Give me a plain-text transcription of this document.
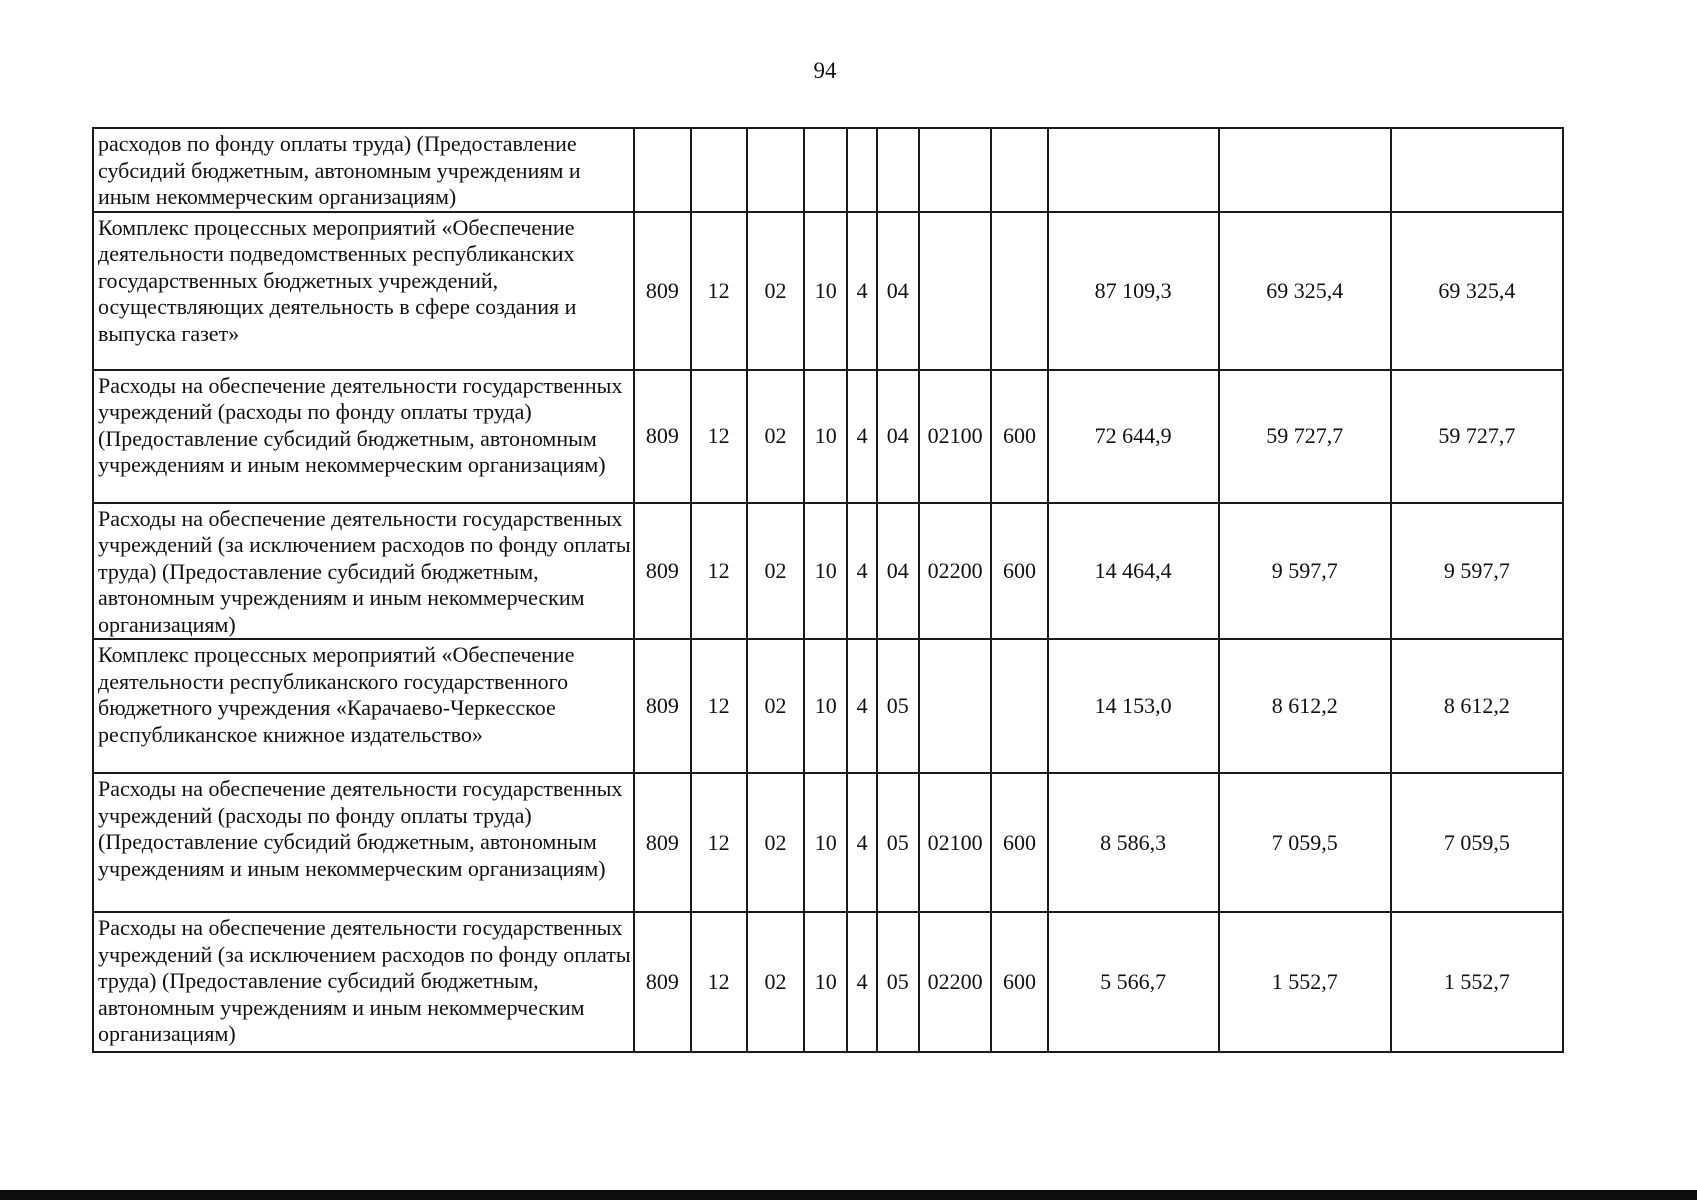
94
расходов по фонду оплаты труда) (Предоставление субсидий бюджетным, автономным учреждениям и иным некоммерческим организациям)											
Комплекс процессных мероприятий «Обеспечение деятельности подведомственных республиканских государственных бюджетных учреждений, осуществляющих деятельность в сфере создания и выпуска газет»	809	12	02	10	4	04			87 109,3	69 325,4	69 325,4
Расходы на обеспечение деятельности государственных учреждений (расходы по фонду оплаты труда) (Предоставление субсидий бюджетным, автономным учреждениям и иным некоммерческим организациям)	809	12	02	10	4	04	02100	600	72 644,9	59 727,7	59 727,7
Расходы на обеспечение деятельности государственных учреждений (за исключением расходов по фонду оплаты труда) (Предоставление субсидий бюджетным, автономным учреждениям и иным некоммерческим организациям)	809	12	02	10	4	04	02200	600	14 464,4	9 597,7	9 597,7
Комплекс процессных мероприятий «Обеспечение деятельности республиканского государственного бюджетного учреждения «Карачаево-Черкесское республиканское книжное издательство»	809	12	02	10	4	05			14 153,0	8 612,2	8 612,2
Расходы на обеспечение деятельности государственных учреждений (расходы по фонду оплаты труда) (Предоставление субсидий бюджетным, автономным учреждениям и иным некоммерческим организациям)	809	12	02	10	4	05	02100	600	8 586,3	7 059,5	7 059,5
Расходы на обеспечение деятельности государственных учреждений (за исключением расходов по фонду оплаты труда) (Предоставление субсидий бюджетным, автономным учреждениям и иным некоммерческим организациям)	809	12	02	10	4	05	02200	600	5 566,7	1 552,7	1 552,7
